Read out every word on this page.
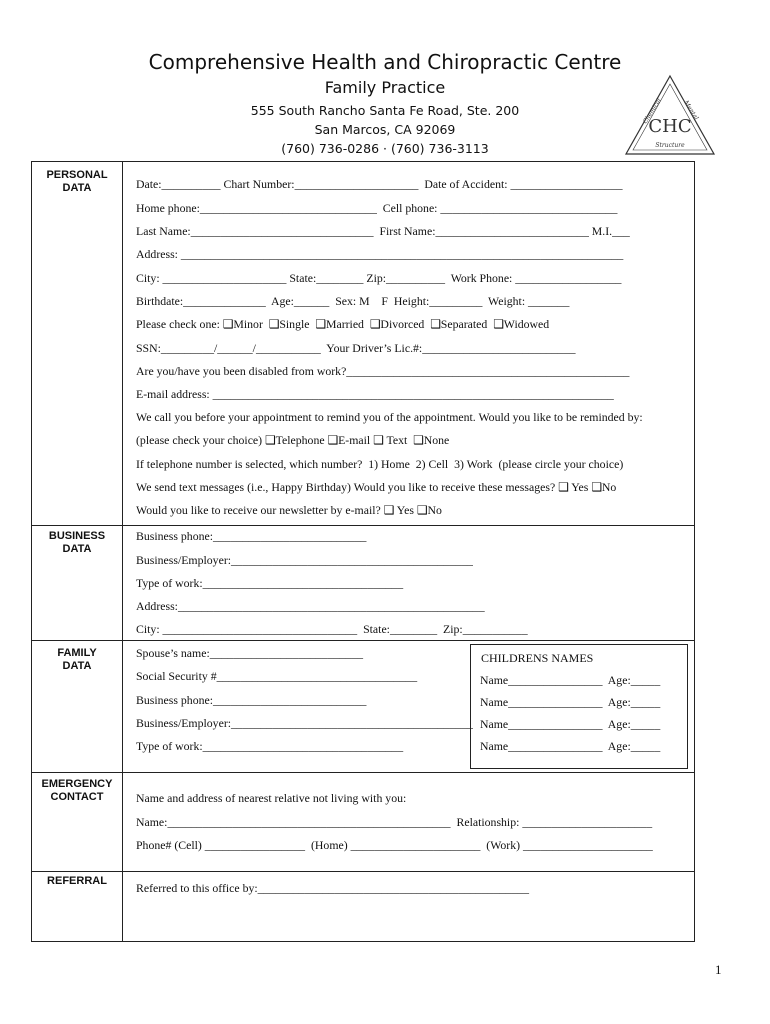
Comprehensive Health and Chiropractic Centre
Family Practice
555 South Rancho Santa Fe Road, Ste. 200
San Marcos, CA 92069
(760) 736-0286 · (760) 736-3113
CHC
Structure
Chemical	Mental
PERSONAL
DATA
BUSINESS
DATA
FAMILY
DATA
EMERGENCY
CONTACT
REFERRAL
Date:__________ Chart Number:_____________________  Date of Accident: ___________________
Home phone:______________________________  Cell phone: ______________________________
Last Name:_______________________________  First Name:__________________________ M.I.___
Address: ___________________________________________________________________________
City: _____________________ State:________ Zip:__________  Work Phone: __________________
Birthdate:______________  Age:______  Sex: M    F  Height:_________  Weight: _______
Please check one: ❑Minor  ❑Single  ❑Married  ❑Divorced  ❑Separated  ❑Widowed
SSN:_________/______/___________  Your Driver’s Lic.#:__________________________
Are you/have you been disabled from work?________________________________________________
E-mail address: ____________________________________________________________________
We call you before your appointment to remind you of the appointment. Would you like to be reminded by:
(please check your choice) ❑Telephone ❑E-mail ❑ Text  ❑None
If telephone number is selected, which number?  1) Home  2) Cell  3) Work  (please circle your choice)
We send text messages (i.e., Happy Birthday) Would you like to receive these messages? ❑ Yes ❑No
Would you like to receive our newsletter by e-mail? ❑ Yes ❑No
Business phone:__________________________
Business/Employer:_________________________________________
Type of work:__________________________________
Address:____________________________________________________
City: _________________________________  State:________  Zip:___________
Spouse’s name:__________________________
Social Security #__________________________________
Business phone:__________________________
Business/Employer:_________________________________________
Type of work:__________________________________
CHILDRENS NAMES
Name________________  Age:_____
Name________________  Age:_____
Name________________  Age:_____
Name________________  Age:_____
Name and address of nearest relative not living with you:
Name:________________________________________________  Relationship: ______________________
Phone# (Cell) _________________  (Home) ______________________  (Work) ______________________
Referred to this office by:______________________________________________
1
